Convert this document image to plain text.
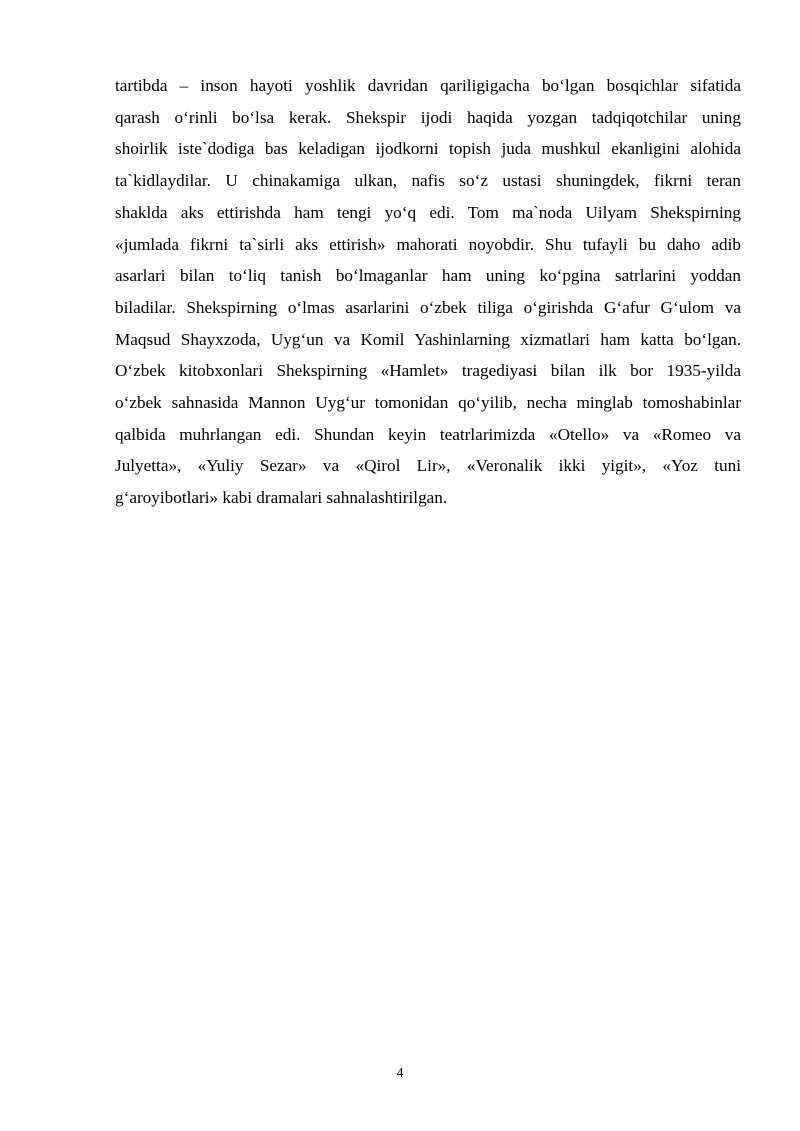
tartibda – inson hayoti yoshlik davridan qariligigacha bo‘lgan bosqichlar sifatida
qarash o‘rinli bo‘lsa kerak. Shekspir ijodi haqida yozgan tadqiqotchilar uning
shoirlik iste`dodiga bas keladigan ijodkorni topish juda mushkul ekanligini alohida
ta`kidlaydilar. U chinakamiga ulkan, nafis so‘z ustasi shuningdek, fikrni teran
shaklda aks ettirishda ham tengi yo‘q edi. Tom ma`noda Uilyam Shekspirning
«jumlada fikrni ta`sirli aks ettirish» mahorati noyobdir. Shu tufayli bu daho adib
asarlari bilan to‘liq tanish bo‘lmaganlar ham uning ko‘pgina satrlarini yoddan
biladilar. Shekspirning o‘lmas asarlarini o‘zbek tiliga o‘girishda G‘afur G‘ulom va
Maqsud Shayxzoda, Uyg‘un va Komil Yashinlarning xizmatlari ham katta bo‘lgan.
O‘zbek kitobxonlari Shekspirning «Hamlet» tragediyasi bilan ilk bor 1935-yilda
o‘zbek sahnasida Mannon Uyg‘ur tomonidan qo‘yilib, necha minglab tomoshabinlar
qalbida muhrlangan edi. Shundan keyin teatrlarimizda «Otello» va «Romeo va
Julyetta», «Yuliy Sezar» va «Qirol Lir», «Veronalik ikki yigit», «Yoz tuni
g‘aroyibotlari» kabi dramalari sahnalashtirilgan.
4
